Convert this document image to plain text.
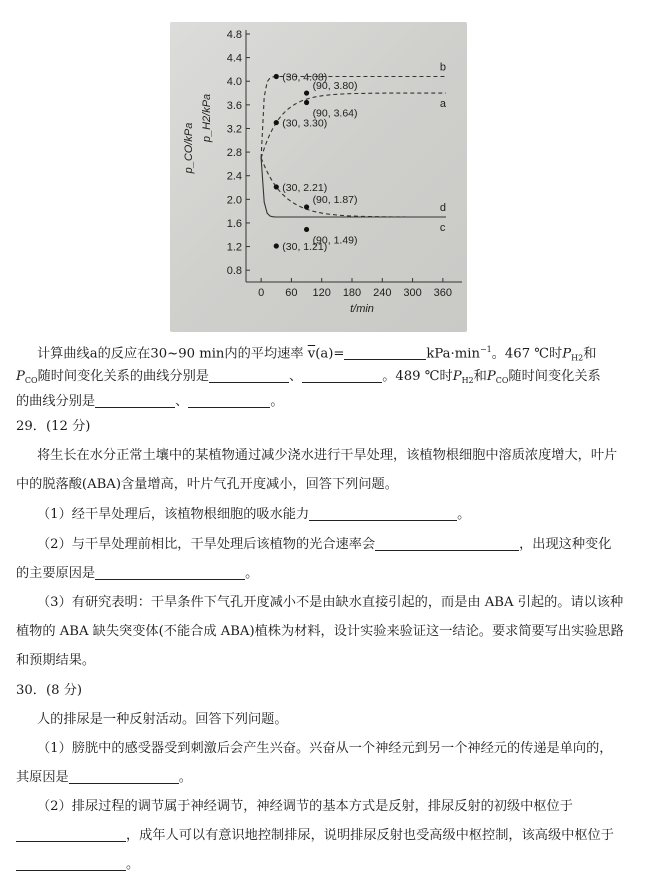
4.8
4.4
4.0
3.6
3.2
2.8
2.4
2.0
1.6
1.2
0.8
0 60 120 180 240 300 360
t/min
p_CO/kPa
p_H2/kPa
(30, 4.08)
(90, 3.80)
b
(30, 3.30)
(90, 3.64)
a
(30, 2.21)
(90, 1.87)
d
(30, 1.21)
(90, 1.49)
c
计算曲线a的反应在30~90 min内的平均速率 $\overline{v}(a)=$	$kPa\cdot\min^{-1}$。467 ℃时$P_{H2}$和
$P_{CO}$随时间变化关系的曲线分别是	、	。489 ℃时$P_{H2}$和$P_{CO}$随时间变化关系
的曲线分别是	、	。
29．(12 分)
将生长在水分正常土壤中的某植物通过减少浇水进行干旱处理，该植物根细胞中溶质浓度增大，叶片
中的脱落酸(ABA)含量增高，叶片气孔开度减小，回答下列问题。
（1）经干旱处理后，该植物根细胞的吸水能力	。
（2）与干旱处理前相比，干旱处理后该植物的光合速率会	，出现这种变化
的主要原因是	。
（3）有研究表明：干旱条件下气孔开度减小不是由缺水直接引起的，而是由 ABA 引起的。请以该种
植物的 ABA 缺失突变体(不能合成 ABA)植株为材料，设计实验来验证这一结论。要求简要写出实验思路
和预期结果。
30．(8 分)
人的排尿是一种反射活动。回答下列问题。
（1）膀胱中的感受器受到刺激后会产生兴奋。兴奋从一个神经元到另一个神经元的传递是单向的，
其原因是	。
（2）排尿过程的调节属于神经调节，神经调节的基本方式是反射，排尿反射的初级中枢位于
，成年人可以有意识地控制排尿，说明排尿反射也受高级中枢控制，该高级中枢位于
。
